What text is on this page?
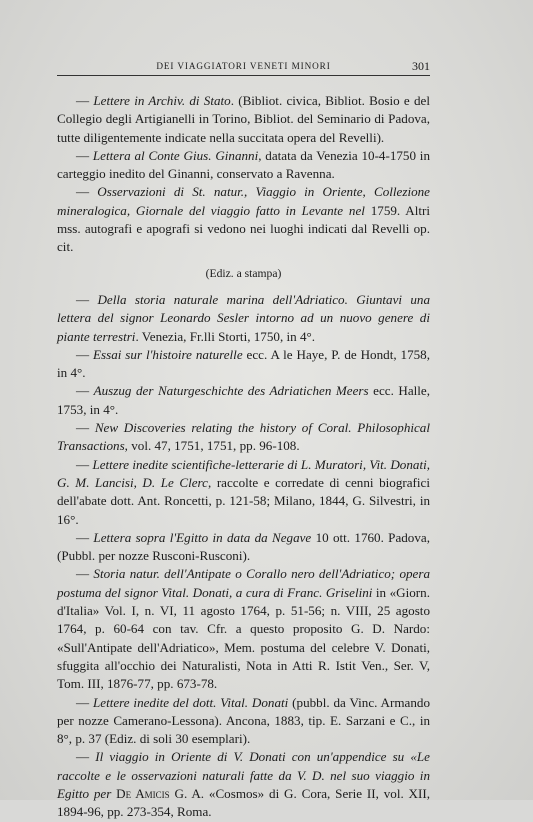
DEI VIAGGIATORI VENETI MINORI	301

— Lettere in Archiv. di Stato. (Bibliot. civica, Bibliot. Bosio e del Collegio degli Artigianelli in Torino, Bibliot. del Seminario di Padova, tutte diligentemente indicate nella succitata opera del Revelli).

— Lettera al Conte Gius. Ginanni, datata da Venezia 10-4-1750 in carteggio inedito del Ginanni, conservato a Ravenna.

— Osservazioni di St. natur., Viaggio in Oriente, Collezione mineralogica, Giornale del viaggio fatto in Levante nel 1759. Altri mss. autografi e apografi si vedono nei luoghi indicati dal Revelli op. cit.

(Ediz. a stampa)

— Della storia naturale marina dell'Adriatico. Giuntavi una lettera del signor Leonardo Sesler intorno ad un nuovo genere di piante terrestri. Venezia, Fr.lli Storti, 1750, in 4°.

— Essai sur l'histoire naturelle ecc. A le Haye, P. de Hondt, 1758, in 4°.

— Auszug der Naturgeschichte des Adriatichen Meers ecc. Halle, 1753, in 4°.

— New Discoveries relating the history of Coral. Philosophical Transactions, vol. 47, 1751, 1751, pp. 96-108.

— Lettere inedite scientifiche-letterarie di L. Muratori, Vit. Donati, G. M. Lancisi, D. Le Clerc, raccolte e corredate di cenni biografici dell'abate dott. Ant. Roncetti, p. 121-58; Milano, 1844, G. Silvestri, in 16°.

— Lettera sopra l'Egitto in data da Negave 10 ott. 1760. Padova, (Pubbl. per nozze Rusconi-Rusconi).

— Storia natur. dell'Antipate o Corallo nero dell'Adriatico; opera postuma del signor Vital. Donati, a cura di Franc. Griselini in «Giorn. d'Italia» Vol. I, n. VI, 11 agosto 1764, p. 51-56; n. VIII, 25 agosto 1764, p. 60-64 con tav. Cfr. a questo proposito G. D. Nardo: «Sull'Antipate dell'Adriatico», Mem. postuma del celebre V. Donati, sfuggita all'occhio dei Naturalisti, Nota in Atti R. Istit Ven., Ser. V, Tom. III, 1876-77, pp. 673-78.

— Lettere inedite del dott. Vital. Donati (pubbl. da Vinc. Armando per nozze Camerano-Lessona). Ancona, 1883, tip. E. Sarzani e C., in 8°, p. 37 (Ediz. di soli 30 esemplari).

— Il viaggio in Oriente di V. Donati con un'appendice su «Le raccolte e le osservazioni naturali fatte da V. D. nel suo viaggio in Egitto per De Amicis G. A. «Cosmos» di G. Cora, Serie II, vol. XII, 1894-96, pp. 273-354, Roma.
